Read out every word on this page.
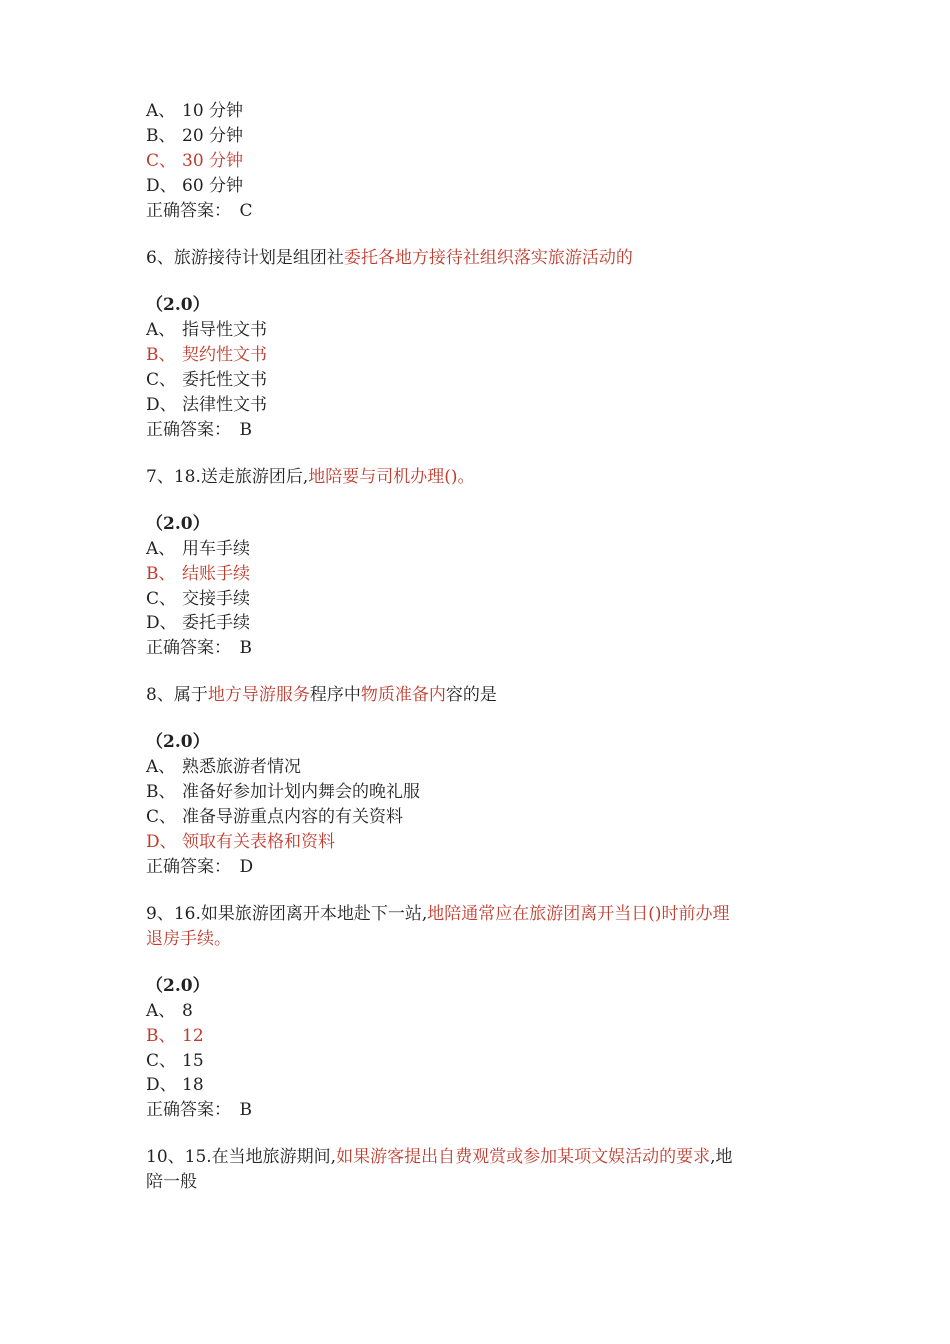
A、 10 分钟
B、 20 分钟
C、 30 分钟
D、 60 分钟
正确答案：　C
6、旅游接待计划是组团社委托各地方接待社组织落实旅游活动的
（2.0）
A、 指导性文书
B、 契约性文书
C、 委托性文书
D、 法律性文书
正确答案：　B
7、18.送走旅游团后,地陪要与司机办理()。
（2.0）
A、 用车手续
B、 结账手续
C、 交接手续
D、 委托手续
正确答案：　B
8、属于地方导游服务程序中物质准备内容的是
（2.0）
A、 熟悉旅游者情况
B、 准备好参加计划内舞会的晚礼服
C、 准备导游重点内容的有关资料
D、 领取有关表格和资料
正确答案：　D
9、16.如果旅游团离开本地赴下一站,地陪通常应在旅游团离开当日()时前办理
退房手续。
（2.0）
A、 8
B、 12
C、 15
D、 18
正确答案：　B
10、15.在当地旅游期间,如果游客提出自费观赏或参加某项文娱活动的要求,地
陪一般
